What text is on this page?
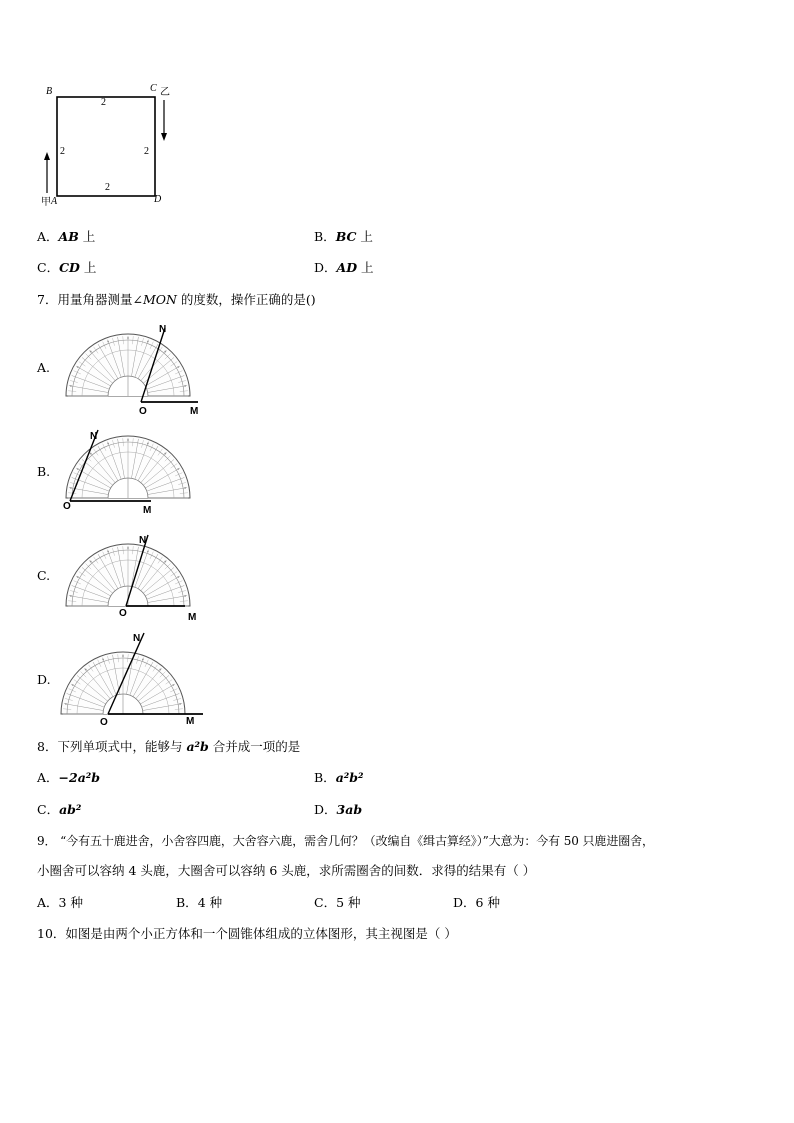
B	C 乙
D
甲 A
2
2
2
2
A．AB 上	B．BC 上
C．CD 上	D．AD 上
7．用量角器测量∠MON 的度数，操作正确的是()
A.
O	M
N
B.
O	M
N
C.
O	M
N
D.
O	M
N
8．下列单项式中，能够与 a²b 合并成一项的是
A．−2a²b	B．a²b²
C．ab²	D．3ab
9． “今有五十鹿进舍，小舍容四鹿，大舍容六鹿，需舍几何？（改编自《缉古算经》）”大意为：今有 50 只鹿进圈舍，
小圈舍可以容纳 4 头鹿，大圈舍可以容纳 6 头鹿，求所需圈舍的间数．求得的结果有（ ）
A．3 种	B．4 种	C．5 种	D．6 种
10．如图是由两个小正方体和一个圆锥体组成的立体图形，其主视图是（ ）
